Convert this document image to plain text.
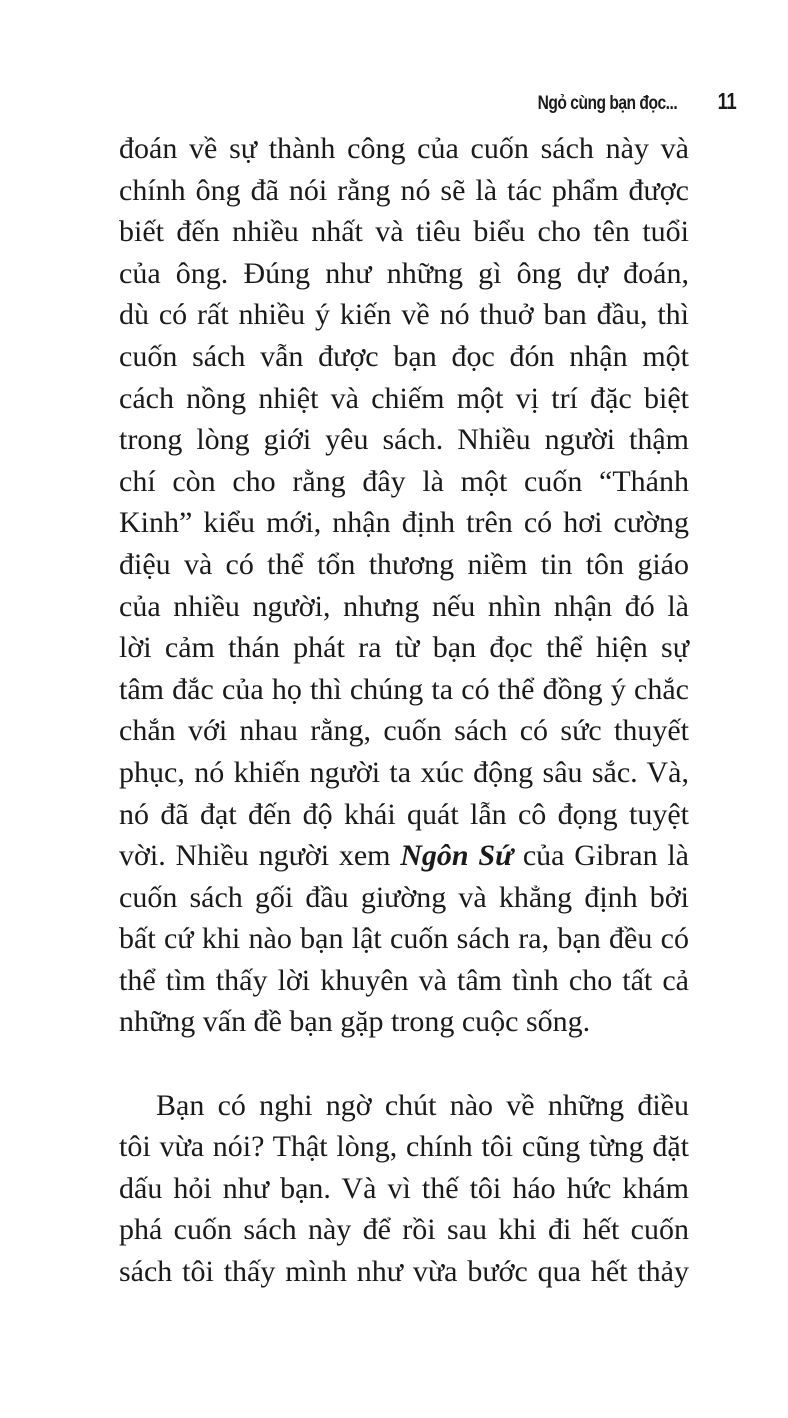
Ngỏ cùng bạn đọc... 11
đoán về sự thành công của cuốn sách này và
chính ông đã nói rằng nó sẽ là tác phẩm được
biết đến nhiều nhất và tiêu biểu cho tên tuổi
của ông. Đúng như những gì ông dự đoán,
dù có rất nhiều ý kiến về nó thuở ban đầu, thì
cuốn sách vẫn được bạn đọc đón nhận một
cách nồng nhiệt và chiếm một vị trí đặc biệt
trong lòng giới yêu sách. Nhiều người thậm
chí còn cho rằng đây là một cuốn “Thánh
Kinh” kiểu mới, nhận định trên có hơi cường
điệu và có thể tổn thương niềm tin tôn giáo
của nhiều người, nhưng nếu nhìn nhận đó là
lời cảm thán phát ra từ bạn đọc thể hiện sự
tâm đắc của họ thì chúng ta có thể đồng ý chắc
chắn với nhau rằng, cuốn sách có sức thuyết
phục, nó khiến người ta xúc động sâu sắc. Và,
nó đã đạt đến độ khái quát lẫn cô đọng tuyệt
vời. Nhiều người xem Ngôn Sứ của Gibran là
cuốn sách gối đầu giường và khẳng định bởi
bất cứ khi nào bạn lật cuốn sách ra, bạn đều có
thể tìm thấy lời khuyên và tâm tình cho tất cả
những vấn đề bạn gặp trong cuộc sống.
Bạn có nghi ngờ chút nào về những điều
tôi vừa nói? Thật lòng, chính tôi cũng từng đặt
dấu hỏi như bạn. Và vì thế tôi háo hức khám
phá cuốn sách này để rồi sau khi đi hết cuốn
sách tôi thấy mình như vừa bước qua hết thảy
